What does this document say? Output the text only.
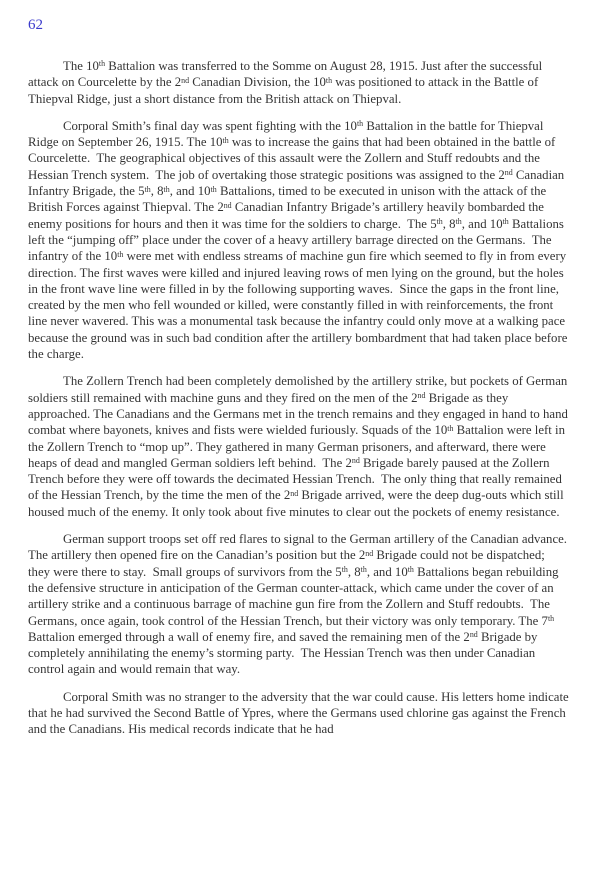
62

The 10th Battalion was transferred to the Somme on August 28, 1915. Just after the successful attack on Courcelette by the 2nd Canadian Division, the 10th was positioned to attack in the Battle of Thiepval Ridge, just a short distance from the British attack on Thiepval.

Corporal Smith’s final day was spent fighting with the 10th Battalion in the battle for Thiepval Ridge on September 26, 1915. The 10th was to increase the gains that had been obtained in the battle of Courcelette.  The geographical objectives of this assault were the Zollern and Stuff redoubts and the Hessian Trench system.  The job of overtaking those strategic positions was assigned to the 2nd Canadian Infantry Brigade, the 5th, 8th, and 10th Battalions, timed to be executed in unison with the attack of the British Forces against Thiepval. The 2nd Canadian Infantry Brigade’s artillery heavily bombarded the enemy positions for hours and then it was time for the soldiers to charge.  The 5th, 8th, and 10th Battalions left the “jumping off” place under the cover of a heavy artillery barrage directed on the Germans.  The infantry of the 10th were met with endless streams of machine gun fire which seemed to fly in from every direction. The first waves were killed and injured leaving rows of men lying on the ground, but the holes in the front wave line were filled in by the following supporting waves.  Since the gaps in the front line, created by the men who fell wounded or killed, were constantly filled in with reinforcements, the front line never wavered. This was a monumental task because the infantry could only move at a walking pace because the ground was in such bad condition after the artillery bombardment that had taken place before the charge.

The Zollern Trench had been completely demolished by the artillery strike, but pockets of German soldiers still remained with machine guns and they fired on the men of the 2nd Brigade as they approached. The Canadians and the Germans met in the trench remains and they engaged in hand to hand combat where bayonets, knives and fists were wielded furiously. Squads of the 10th Battalion were left in the Zollern Trench to “mop up”. They gathered in many German prisoners, and afterward, there were heaps of dead and mangled German soldiers left behind.  The 2nd Brigade barely paused at the Zollern Trench before they were off towards the decimated Hessian Trench.  The only thing that really remained of the Hessian Trench, by the time the men of the 2nd Brigade arrived, were the deep dug-outs which still housed much of the enemy. It only took about five minutes to clear out the pockets of enemy resistance.

German support troops set off red flares to signal to the German artillery of the Canadian advance. The artillery then opened fire on the Canadian’s position but the 2nd Brigade could not be dispatched; they were there to stay.  Small groups of survivors from the 5th, 8th, and 10th Battalions began rebuilding the defensive structure in anticipation of the German counter-attack, which came under the cover of an artillery strike and a continuous barrage of machine gun fire from the Zollern and Stuff redoubts.  The Germans, once again, took control of the Hessian Trench, but their victory was only temporary. The 7th Battalion emerged through a wall of enemy fire, and saved the remaining men of the 2nd Brigade by completely annihilating the enemy’s storming party.  The Hessian Trench was then under Canadian control again and would remain that way.

Corporal Smith was no stranger to the adversity that the war could cause. His letters home indicate that he had survived the Second Battle of Ypres, where the Germans used chlorine gas against the French and the Canadians. His medical records indicate that he had
